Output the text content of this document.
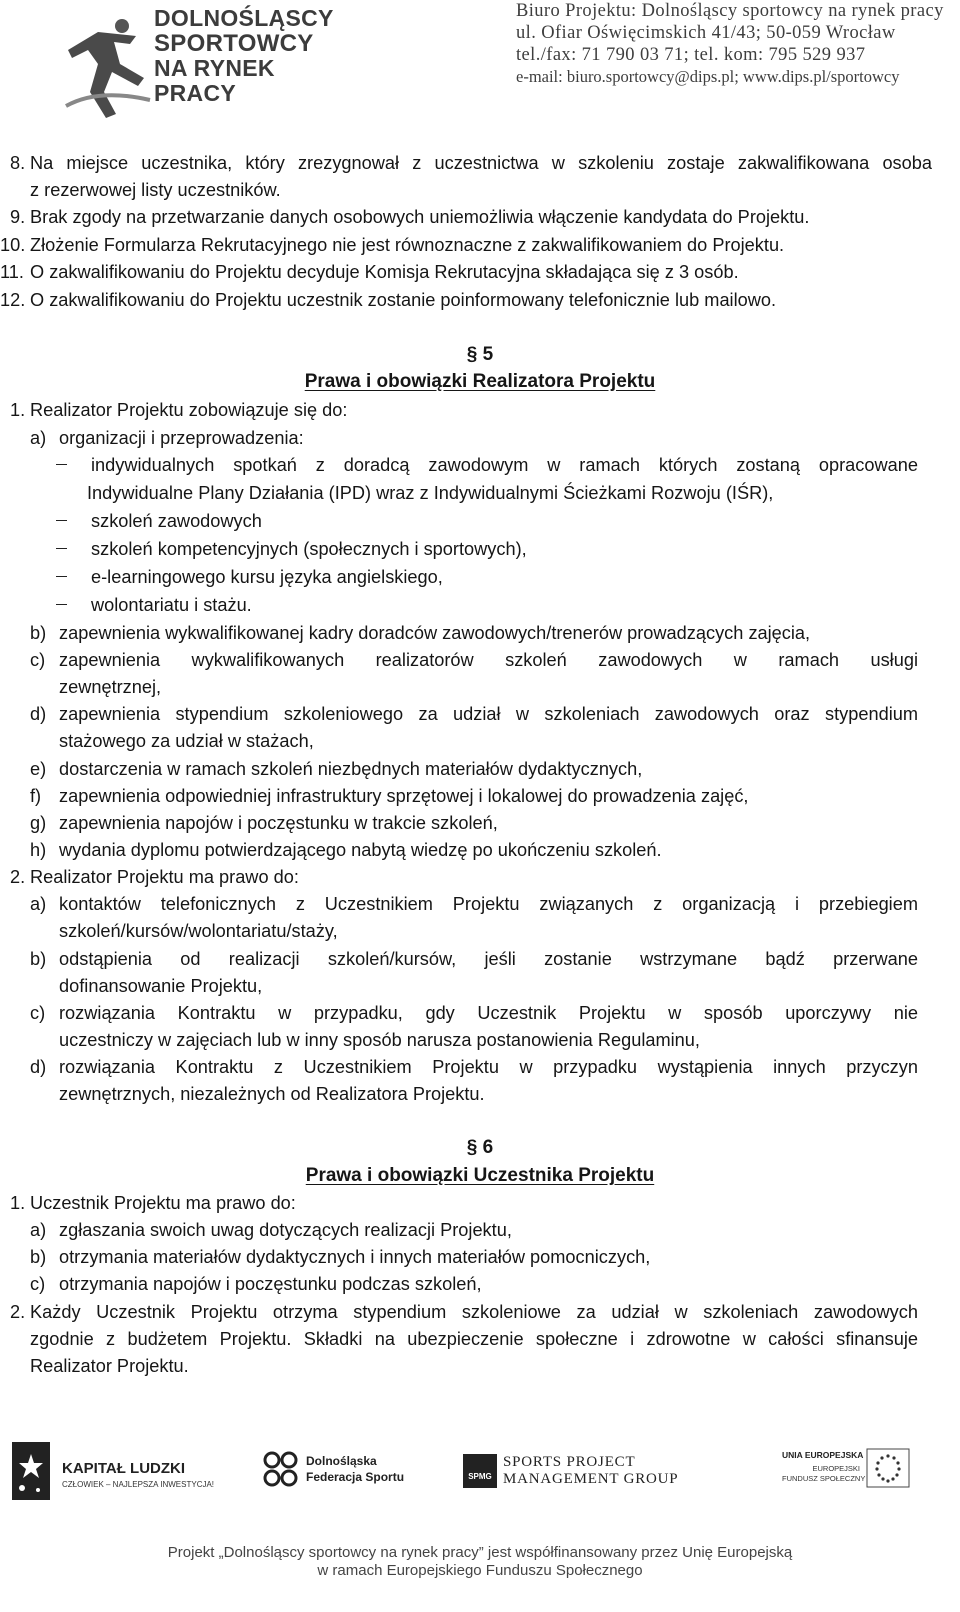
DOLNOŚLĄSCY
SPORTOWCY
NA RYNEK PRACY
Biuro Projektu: Dolnośląscy sportowcy na rynek pracy
ul. Ofiar Oświęcimskich 41/43; 50-059 Wrocław
tel./fax: 71 790 03 71; tel. kom: 795 529 937
e-mail: biuro.sportowcy@dips.pl; www.dips.pl/sportowcy
8. Na miejsce uczestnika, który zrezygnował z uczestnictwa w szkoleniu zostaje zakwalifikowana osoba
z rezerwowej listy uczestników.
9. Brak zgody na przetwarzanie danych osobowych uniemożliwia włączenie kandydata do Projektu.
10. Złożenie Formularza Rekrutacyjnego nie jest równoznaczne z zakwalifikowaniem do Projektu.
11. O zakwalifikowaniu do Projektu decyduje Komisja Rekrutacyjna składająca się z 3 osób.
12. O zakwalifikowaniu do Projektu uczestnik zostanie poinformowany telefonicznie lub mailowo.
§ 5
Prawa i obowiązki Realizatora Projektu
1. Realizator Projektu zobowiązuje się do:
a) organizacji i przeprowadzenia:
indywidualnych spotkań z doradcą zawodowym w ramach których zostaną opracowane
Indywidualne Plany Działania (IPD) wraz z Indywidualnymi Ścieżkami Rozwoju (IŚR),
szkoleń zawodowych
szkoleń kompetencyjnych (społecznych i sportowych),
e-learningowego kursu języka angielskiego,
wolontariatu i stażu.
b) zapewnienia wykwalifikowanej kadry doradców zawodowych/trenerów prowadzących zajęcia,
c) zapewnienia wykwalifikowanych realizatorów szkoleń zawodowych w ramach usługi
zewnętrznej,
d) zapewnienia stypendium szkoleniowego za udział w szkoleniach zawodowych oraz stypendium
stażowego za udział w stażach,
e) dostarczenia w ramach szkoleń niezbędnych materiałów dydaktycznych,
f) zapewnienia odpowiedniej infrastruktury sprzętowej i lokalowej do prowadzenia zajęć,
g) zapewnienia napojów i poczęstunku w trakcie szkoleń,
h) wydania dyplomu potwierdzającego nabytą wiedzę po ukończeniu szkoleń.
2. Realizator Projektu ma prawo do:
a) kontaktów telefonicznych z Uczestnikiem Projektu związanych z organizacją i przebiegiem
szkoleń/kursów/wolontariatu/staży,
b) odstąpienia od realizacji szkoleń/kursów, jeśli zostanie wstrzymane bądź przerwane
dofinansowanie Projektu,
c) rozwiązania Kontraktu w przypadku, gdy Uczestnik Projektu w sposób uporczywy nie
uczestniczy w zajęciach lub w inny sposób narusza postanowienia Regulaminu,
d) rozwiązania Kontraktu z Uczestnikiem Projektu w przypadku wystąpienia innych przyczyn
zewnętrznych, niezależnych od Realizatora Projektu.
§ 6
Prawa i obowiązki Uczestnika Projektu
1. Uczestnik Projektu ma prawo do:
a) zgłaszania swoich uwag dotyczących realizacji Projektu,
b) otrzymania materiałów dydaktycznych i innych materiałów pomocniczych,
c) otrzymania napojów i poczęstunku podczas szkoleń,
2. Każdy Uczestnik Projektu otrzyma stypendium szkoleniowe za udział w szkoleniach zawodowych
zgodnie z budżetem Projektu. Składki na ubezpieczenie społeczne i zdrowotne w całości sfinansuje
Realizator Projektu.
KAPITAŁ LUDZKI
CZŁOWIEK – NAJLEPSZA INWESTYCJA!
Dolnośląska
Federacja Sportu	SPMG
SPORTS PROJECT
MANAGEMENT GROUP
UNIA EUROPEJSKA
EUROPEJSKI
FUNDUSZ SPOŁECZNY
Projekt „Dolnośląscy sportowcy na rynek pracy” jest współfinansowany przez Unię Europejską
w ramach Europejskiego Funduszu Społecznego
